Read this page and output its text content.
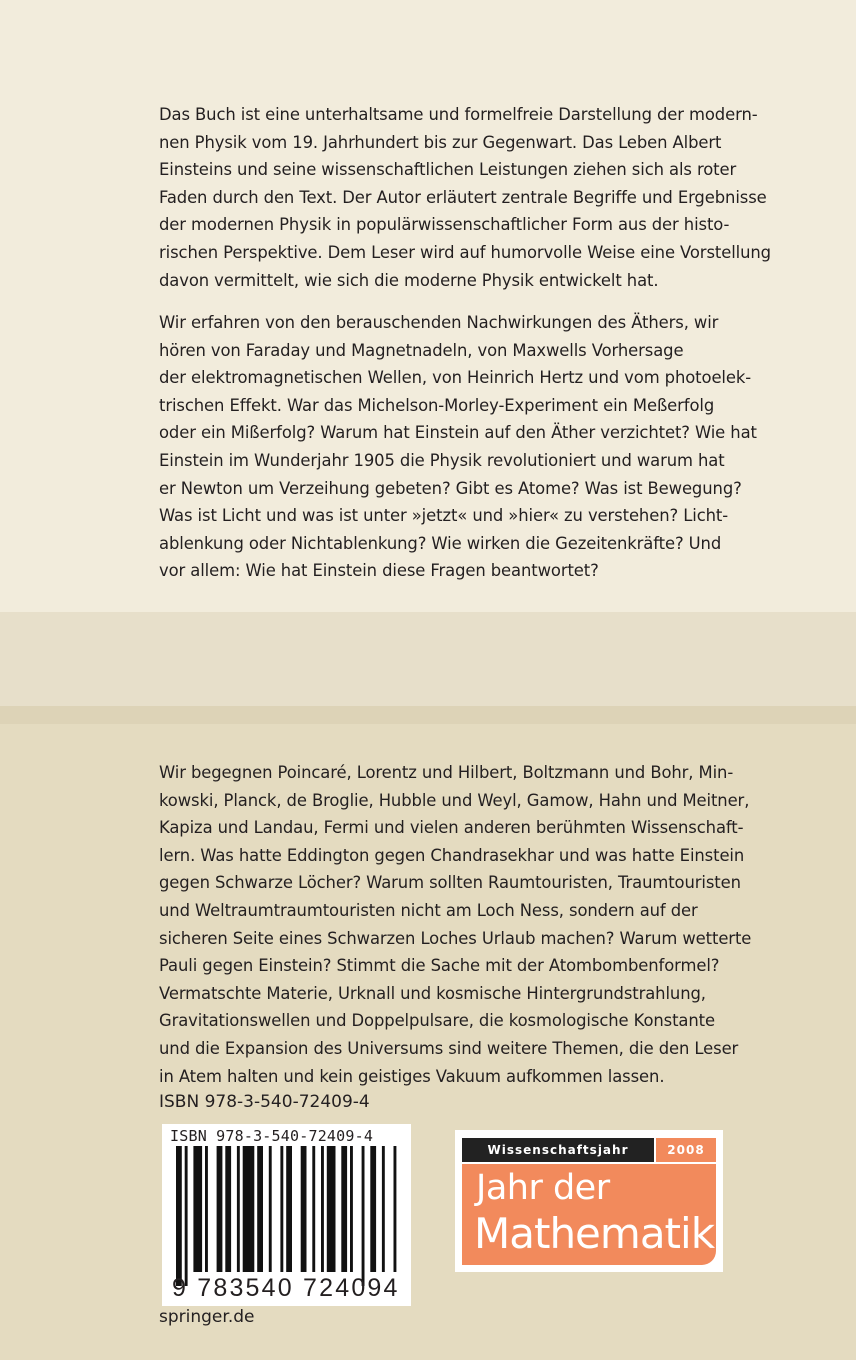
Das Buch ist eine unterhaltsame und formelfreie Darstellung der modern-
nen Physik vom 19. Jahrhundert bis zur Gegenwart. Das Leben Albert
Einsteins und seine wissenschaftlichen Leistungen ziehen sich als roter
Faden durch den Text. Der Autor erläutert zentrale Begriffe und Ergebnisse
der modernen Physik in populärwissenschaftlicher Form aus der histo-
rischen Perspektive. Dem Leser wird auf humorvolle Weise eine Vorstellung
davon vermittelt, wie sich die moderne Physik entwickelt hat.

Wir erfahren von den berauschenden Nachwirkungen des Äthers, wir
hören von Faraday und Magnetnadeln, von Maxwells Vorhersage
der elektromagnetischen Wellen, von Heinrich Hertz und vom photoelek-
trischen Effekt. War das Michelson-Morley-Experiment ein Meßerfolg
oder ein Mißerfolg? Warum hat Einstein auf den Äther verzichtet? Wie hat
Einstein im Wunderjahr 1905 die Physik revolutioniert und warum hat
er Newton um Verzeihung gebeten? Gibt es Atome? Was ist Bewegung?
Was ist Licht und was ist unter »jetzt« und »hier« zu verstehen? Licht-
ablenkung oder Nichtablenkung? Wie wirken die Gezeitenkräfte? Und
vor allem: Wie hat Einstein diese Fragen beantwortet?

Wir begegnen Poincaré, Lorentz und Hilbert, Boltzmann und Bohr, Min-
kowski, Planck, de Broglie, Hubble und Weyl, Gamow, Hahn und Meitner,
Kapiza und Landau, Fermi und vielen anderen berühmten Wissenschaft-
lern. Was hatte Eddington gegen Chandrasekhar und was hatte Einstein
gegen Schwarze Löcher? Warum sollten Raumtouristen, Traumtouristen
und Weltraumtraumtouristen nicht am Loch Ness, sondern auf der
sicheren Seite eines Schwarzen Loches Urlaub machen? Warum wetterte
Pauli gegen Einstein? Stimmt die Sache mit der Atombombenformel?
Vermatschte Materie, Urknall und kosmische Hintergrundstrahlung,
Gravitationswellen und Doppelpulsare, die kosmologische Konstante
und die Expansion des Universums sind weitere Themen, die den Leser
in Atem halten und kein geistiges Vakuum aufkommen lassen.

ISBN 978-3-540-72409-4
ISBN 978-3-540-72409-4
9 783540 724094
Wissenschaftsjahr	2008
Jahr der
Mathematik
springer.de
